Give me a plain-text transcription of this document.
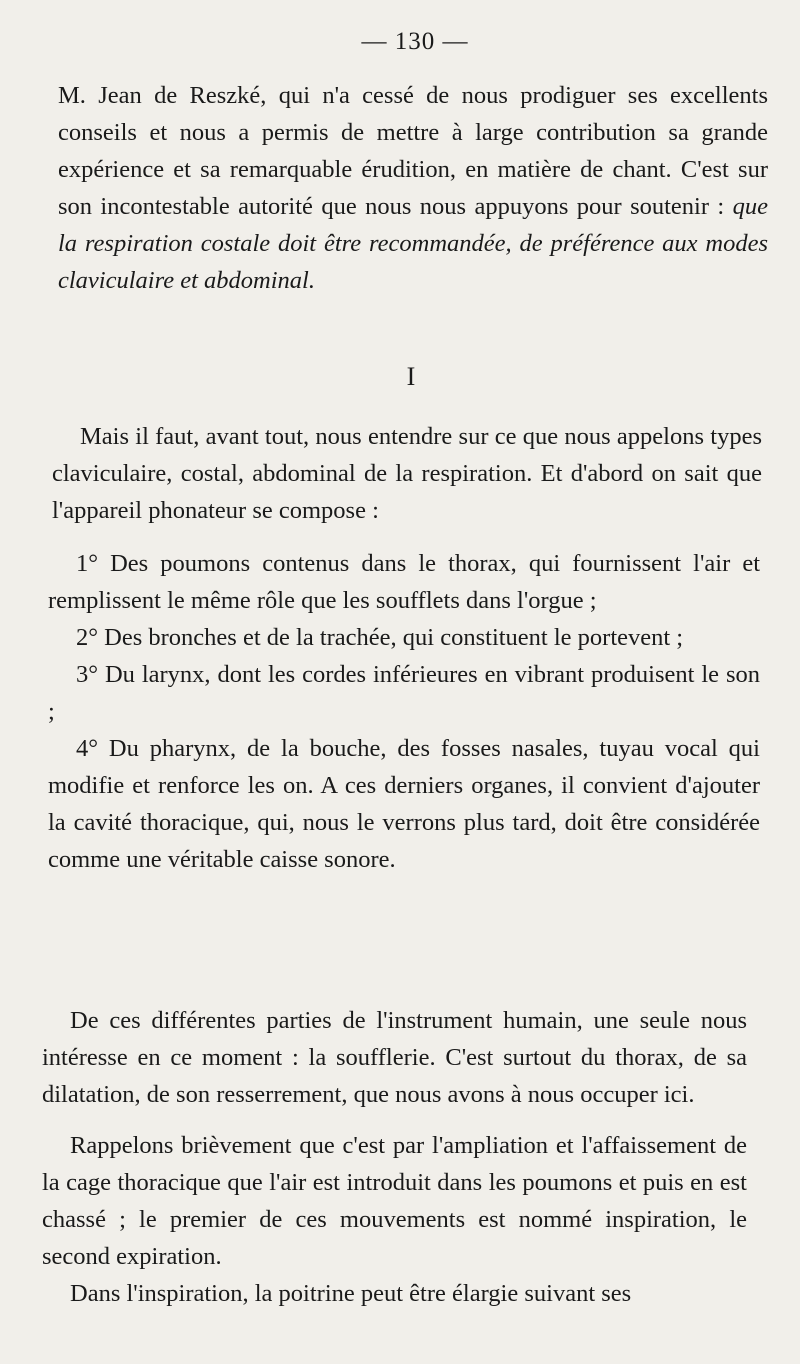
— 130 —

M. Jean de Reszké, qui n'a cessé de nous prodiguer ses excellents conseils et nous a permis de mettre à large contribution sa grande expérience et sa remarquable érudition, en matière de chant. C'est sur son incontestable autorité que nous nous appuyons pour soutenir : que la respiration costale doit être recommandée, de préférence aux modes claviculaire et abdominal.

I

Mais il faut, avant tout, nous entendre sur ce que nous appelons types claviculaire, costal, abdominal de la respiration. Et d'abord on sait que l'appareil phonateur se compose :

1° Des poumons contenus dans le thorax, qui fournissent l'air et remplissent le même rôle que les soufflets dans l'orgue ;

2° Des bronches et de la trachée, qui constituent le portevent ;

3° Du larynx, dont les cordes inférieures en vibrant produisent le son ;

4° Du pharynx, de la bouche, des fosses nasales, tuyau vocal qui modifie et renforce les on. A ces derniers organes, il convient d'ajouter la cavité thoracique, qui, nous le verrons plus tard, doit être considérée comme une véritable caisse sonore.

De ces différentes parties de l'instrument humain, une seule nous intéresse en ce moment : la soufflerie. C'est surtout du thorax, de sa dilatation, de son resserrement, que nous avons à nous occuper ici.

Rappelons brièvement que c'est par l'ampliation et l'affaissement de la cage thoracique que l'air est introduit dans les poumons et puis en est chassé ; le premier de ces mouvements est nommé inspiration, le second expiration.

Dans l'inspiration, la poitrine peut être élargie suivant ses
